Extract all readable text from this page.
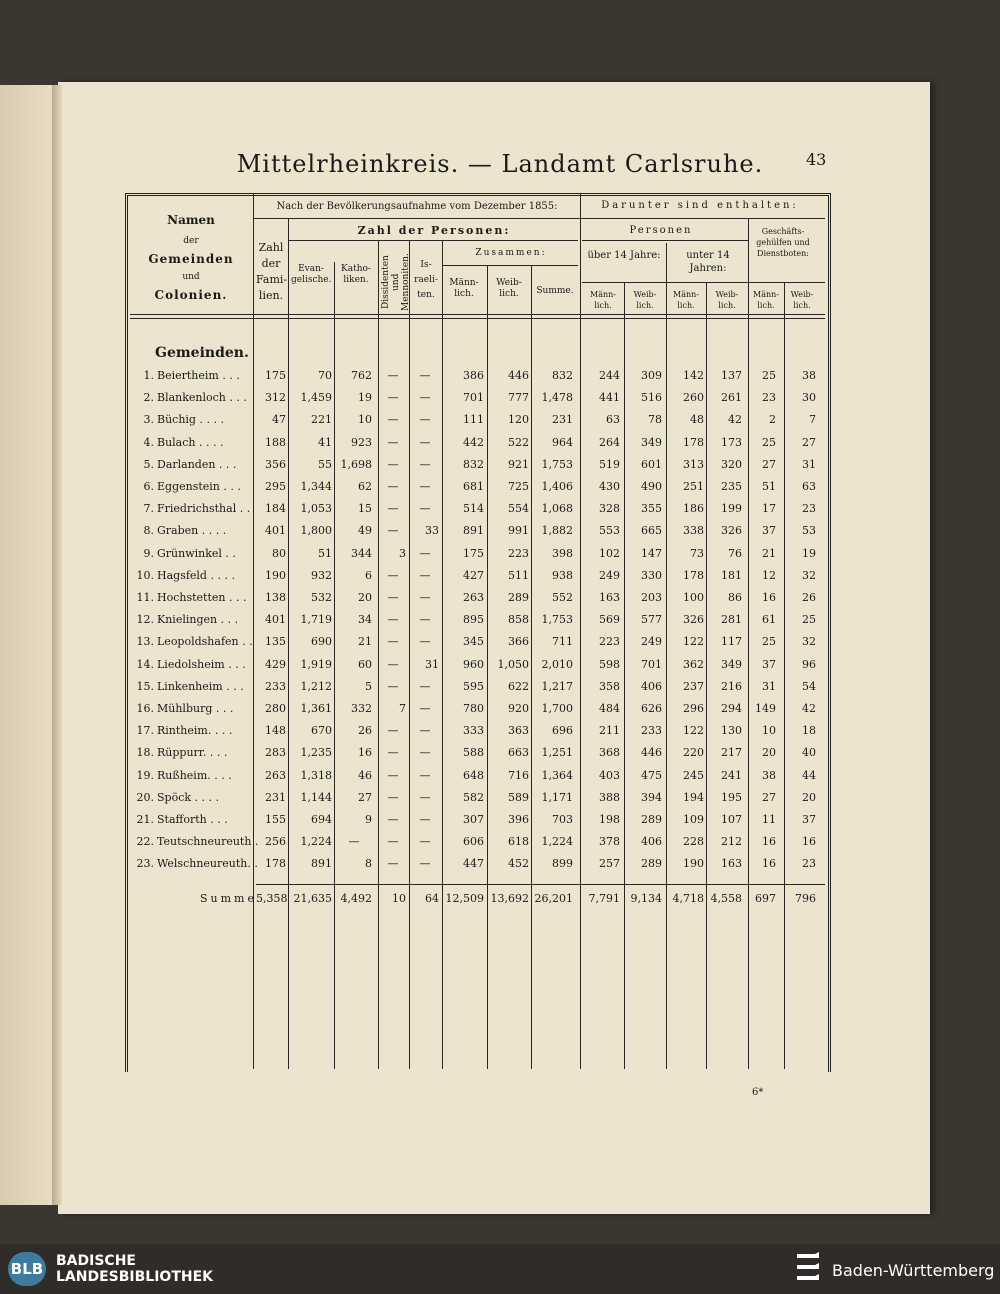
Mittelrheinkreis. — Landamt Carlsruhe.	43
Namen
der
Gemeinden
und
Colonien.
Nach der Bevölkerungsaufnahme vom Dezember 1855:	Darunter sind enthalten:
Zahl der Fami- lien.
Zahl der Personen:	Personen
Evan- gelische.
Katho- liken.	Dissidenten und Mennoniten.	Is- raeli- ten.
Zusammen:
Männ- lich.
Weib- lich.	Summe.
über 14 Jahre:	unter 14 Jahren:
Geschäfts- gehülfen und Dienstboten:
Männ- lich.
Weib- lich.
Männ- lich.
Weib- lich.
Männ- lich.
Weib- lich.
Gemeinden.
1. Beiertheim . . .	175	70	762	—	—	386	446	832	244	309	142	137	25	38
2. Blankenloch . . .	312	1,459	19	—	—	701	777	1,478	441	516	260	261	23	30
3. Büchig . . . .	47	221	10	—	—	111	120	231	63	78	48	42	2	7
4. Bulach . . . .	188	41	923	—	—	442	522	964	264	349	178	173	25	27
5. Darlanden . . .	356	55 1,698	—	—	832	921	1,753	519	601	313	320	27	31
6. Eggenstein . . .	295	1,344	62	—	—	681	725	1,406	430	490	251	235	51	63
7. Friedrichsthal . .	184	1,053	15	—	—	514	554	1,068	328	355	186	199	17	23
8. Graben . . . .	401	1,800	49	—	33	891	991	1,882	553	665	338	326	37	53
9. Grünwinkel . .	80	51	344	3	—	175	223	398	102	147	73	76	21	19
10. Hagsfeld . . . .	190	932	6	—	—	427	511	938	249	330	178	181	12	32
11. Hochstetten . . .	138	532	20	—	—	263	289	552	163	203	100	86	16	26
12. Knielingen . . .	401	1,719	34	—	—	895	858	1,753	569	577	326	281	61	25
13. Leopoldshafen . .	135	690	21	—	—	345	366	711	223	249	122	117	25	32
14. Liedolsheim . . .	429	1,919	60	—	31	960	1,050	2,010	598	701	362	349	37	96
15. Linkenheim . . .	233	1,212	5	—	—	595	622	1,217	358	406	237	216	31	54
16. Mühlburg . . .	280	1,361	332	7	—	780	920	1,700	484	626	296	294	149	42
17. Rintheim. . . .	148	670	26	—	—	333	363	696	211	233	122	130	10	18
18. Rüppurr. . . .	283	1,235	16	—	—	588	663	1,251	368	446	220	217	20	40
19. Rußheim. . . .	263	1,318	46	—	—	648	716	1,364	403	475	245	241	38	44
20. Spöck . . . .	231	1,144	27	—	—	582	589	1,171	388	394	194	195	27	20
21. Stafforth . . .	155	694	9	—	—	307	396	703	198	289	109	107	11	37
22. Teutschneureuth . 256	1,224	—	—	—	606	618	1,224	378	406	228	212	16	16
23. Welschneureuth. . 178	891	8	—	—	447	452	899	257	289	190	163	16	23
Summe 5,358 21,635 4,492	10	64 12,509 13,692 26,201	7,791 9,134 4,718 4,558	697	796
6*
BLB BADISCHE
LANDESBIBLIOTHEK	Baden-Württemberg
